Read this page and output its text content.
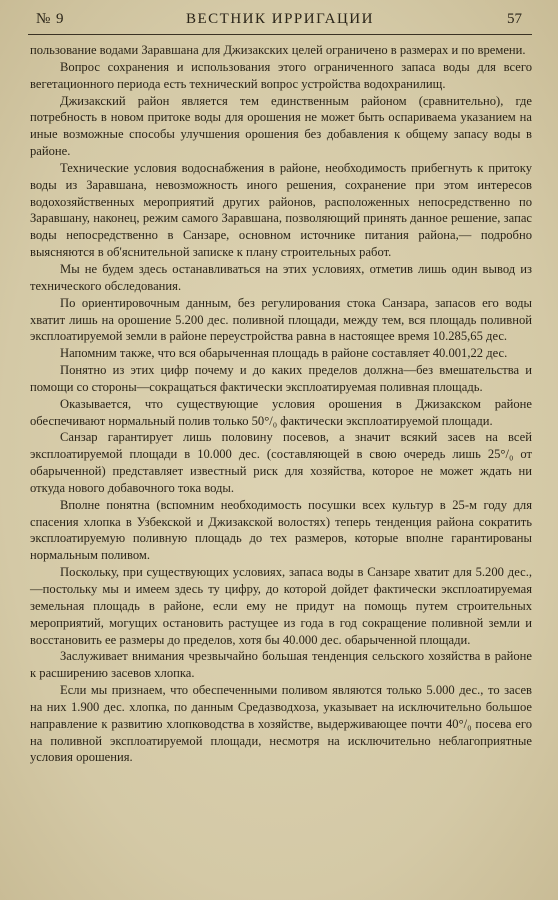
№ 9	ВЕСТНИК ИРРИГАЦИИ	57

пользование водами Заравшана для Джизакских целей ограничено в размерах и по времени.

Вопрос сохранения и использования этого ограниченного запаса воды для всего вегетационного периода есть технический вопрос устройства водохранилищ.

Джизакский район является тем единственным районом (сравнительно), где потребность в новом притоке воды для орошения не может быть оспариваема указанием на иные возможные способы улучшения орошения без добавления к общему запасу воды в районе.

Технические условия водоснабжения в районе, необходимость прибегнуть к притоку воды из Заравшана, невозможность иного решения, сохранение при этом интересов водохозяйственных мероприятий других районов, расположенных непосредственно по Заравшану, наконец, режим самого Заравшана, позволяющий принять данное решение, запас воды непосредственно в Санзаре, основном источнике питания района,— подробно выясняются в об'яснительной записке к плану строительных работ.

Мы не будем здесь останавливаться на этих условиях, отметив лишь один вывод из технического обследования.

По ориентировочным данным, без регулирования стока Санзара, запасов его воды хватит лишь на орошение 5.200 дес. поливной площади, между тем, вся площадь поливной эксплоатируемой земли в районе переустройства равна в настоящее время 10.285,65 дес.

Напомним также, что вся обарыченная площадь в районе составляет 40.001,22 дес.

Понятно из этих цифр почему и до каких пределов должна—без вмешательства и помощи со стороны—сокращаться фактически эксплоатируемая поливная площадь.

Оказывается, что существующие условия орошения в Джизакском районе обеспечивают нормальный полив только 50°/₀ фактически эксплоатируемой площади.

Санзар гарантирует лишь половину посевов, а значит всякий засев на всей эксплоатируемой площади в 10.000 дес. (составляющей в свою очередь лишь 25°/₀ от обарыченной) представляет известный риск для хозяйства, которое не может ждать ни откуда нового добавочного тока воды.

Вполне понятна (вспомним необходимость посушки всех культур в 25-м году для спасения хлопка в Узбекской и Джизакской волостях) теперь тенденция района сократить эксплоатируемую поливную площадь до тех размеров, которые вполне гарантированы нормальным поливом.

Поскольку, при существующих условиях, запаса воды в Санзаре хватит для 5.200 дес.,—постольку мы и имеем здесь ту цифру, до которой дойдет фактически эксплоатируемая земельная площадь в районе, если ему не придут на помощь путем строительных мероприятий, могущих остановить растущее из года в год сокращение поливной земли и восстановить ее размеры до пределов, хотя бы 40.000 дес. обарыченной площади.

Заслуживает внимания чрезвычайно большая тенденция сельского хозяйства в районе к расширению засевов хлопка.

Если мы признаем, что обеспеченными поливом являются только 5.000 дес., то засев на них 1.900 дес. хлопка, по данным Средазводхоза, указывает на исключительно большое направление к развитию хлопководства в хозяйстве, выдерживающее почти 40°/₀ посева его на поливной эксплоатируемой площади, несмотря на исключительно неблагоприятные условия орошения.
